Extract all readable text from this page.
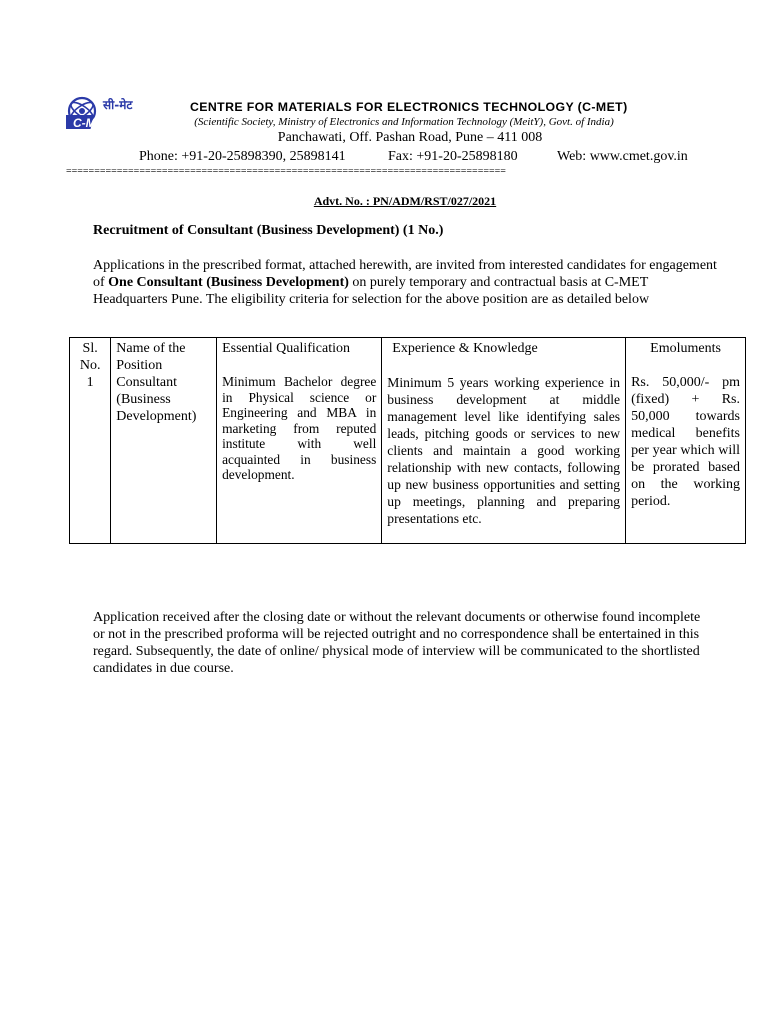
सी-मेट
C-MET
CENTRE FOR MATERIALS FOR ELECTRONICS TECHNOLOGY (C-MET)
(Scientific Society, Ministry of Electronics and Information Technology (MeitY), Govt. of India)
Panchawati, Off. Pashan Road, Pune – 411 008
Phone: +91-20-25898390, 25898141	Fax: +91-20-25898180	Web: www.cmet.gov.in
==============================================================================
Advt. No. : PN/ADM/RST/027/2021
Recruitment of Consultant (Business Development) (1 No.)
Applications in the prescribed format, attached herewith, are invited from interested candidates for engagement of One Consultant (Business Development) on purely temporary and contractual basis at C-MET Headquarters Pune. The eligibility criteria for selection for the above position are as detailed below
Sl. No.	Name of the Position	Essential Qualification	Experience & Knowledge	Emoluments
1	Consultant (Business Development)	Minimum Bachelor degree in Physical science or Engineering and MBA in marketing from reputed institute with well acquainted in business development.	Minimum 5 years working experience in business development at middle management level like identifying sales leads, pitching goods or services to new clients and maintain a good working relationship with new contacts, following up new business opportunities and setting up meetings, planning and preparing presentations etc.	Rs. 50,000/- pm (fixed) + Rs. 50,000 towards medical benefits per year which will be prorated based on the working period.
Application received after the closing date or without the relevant documents or otherwise found incomplete or not in the prescribed proforma will be rejected outright and no correspondence shall be entertained in this regard. Subsequently, the date of online/ physical mode of interview will be communicated to the shortlisted candidates in due course.
